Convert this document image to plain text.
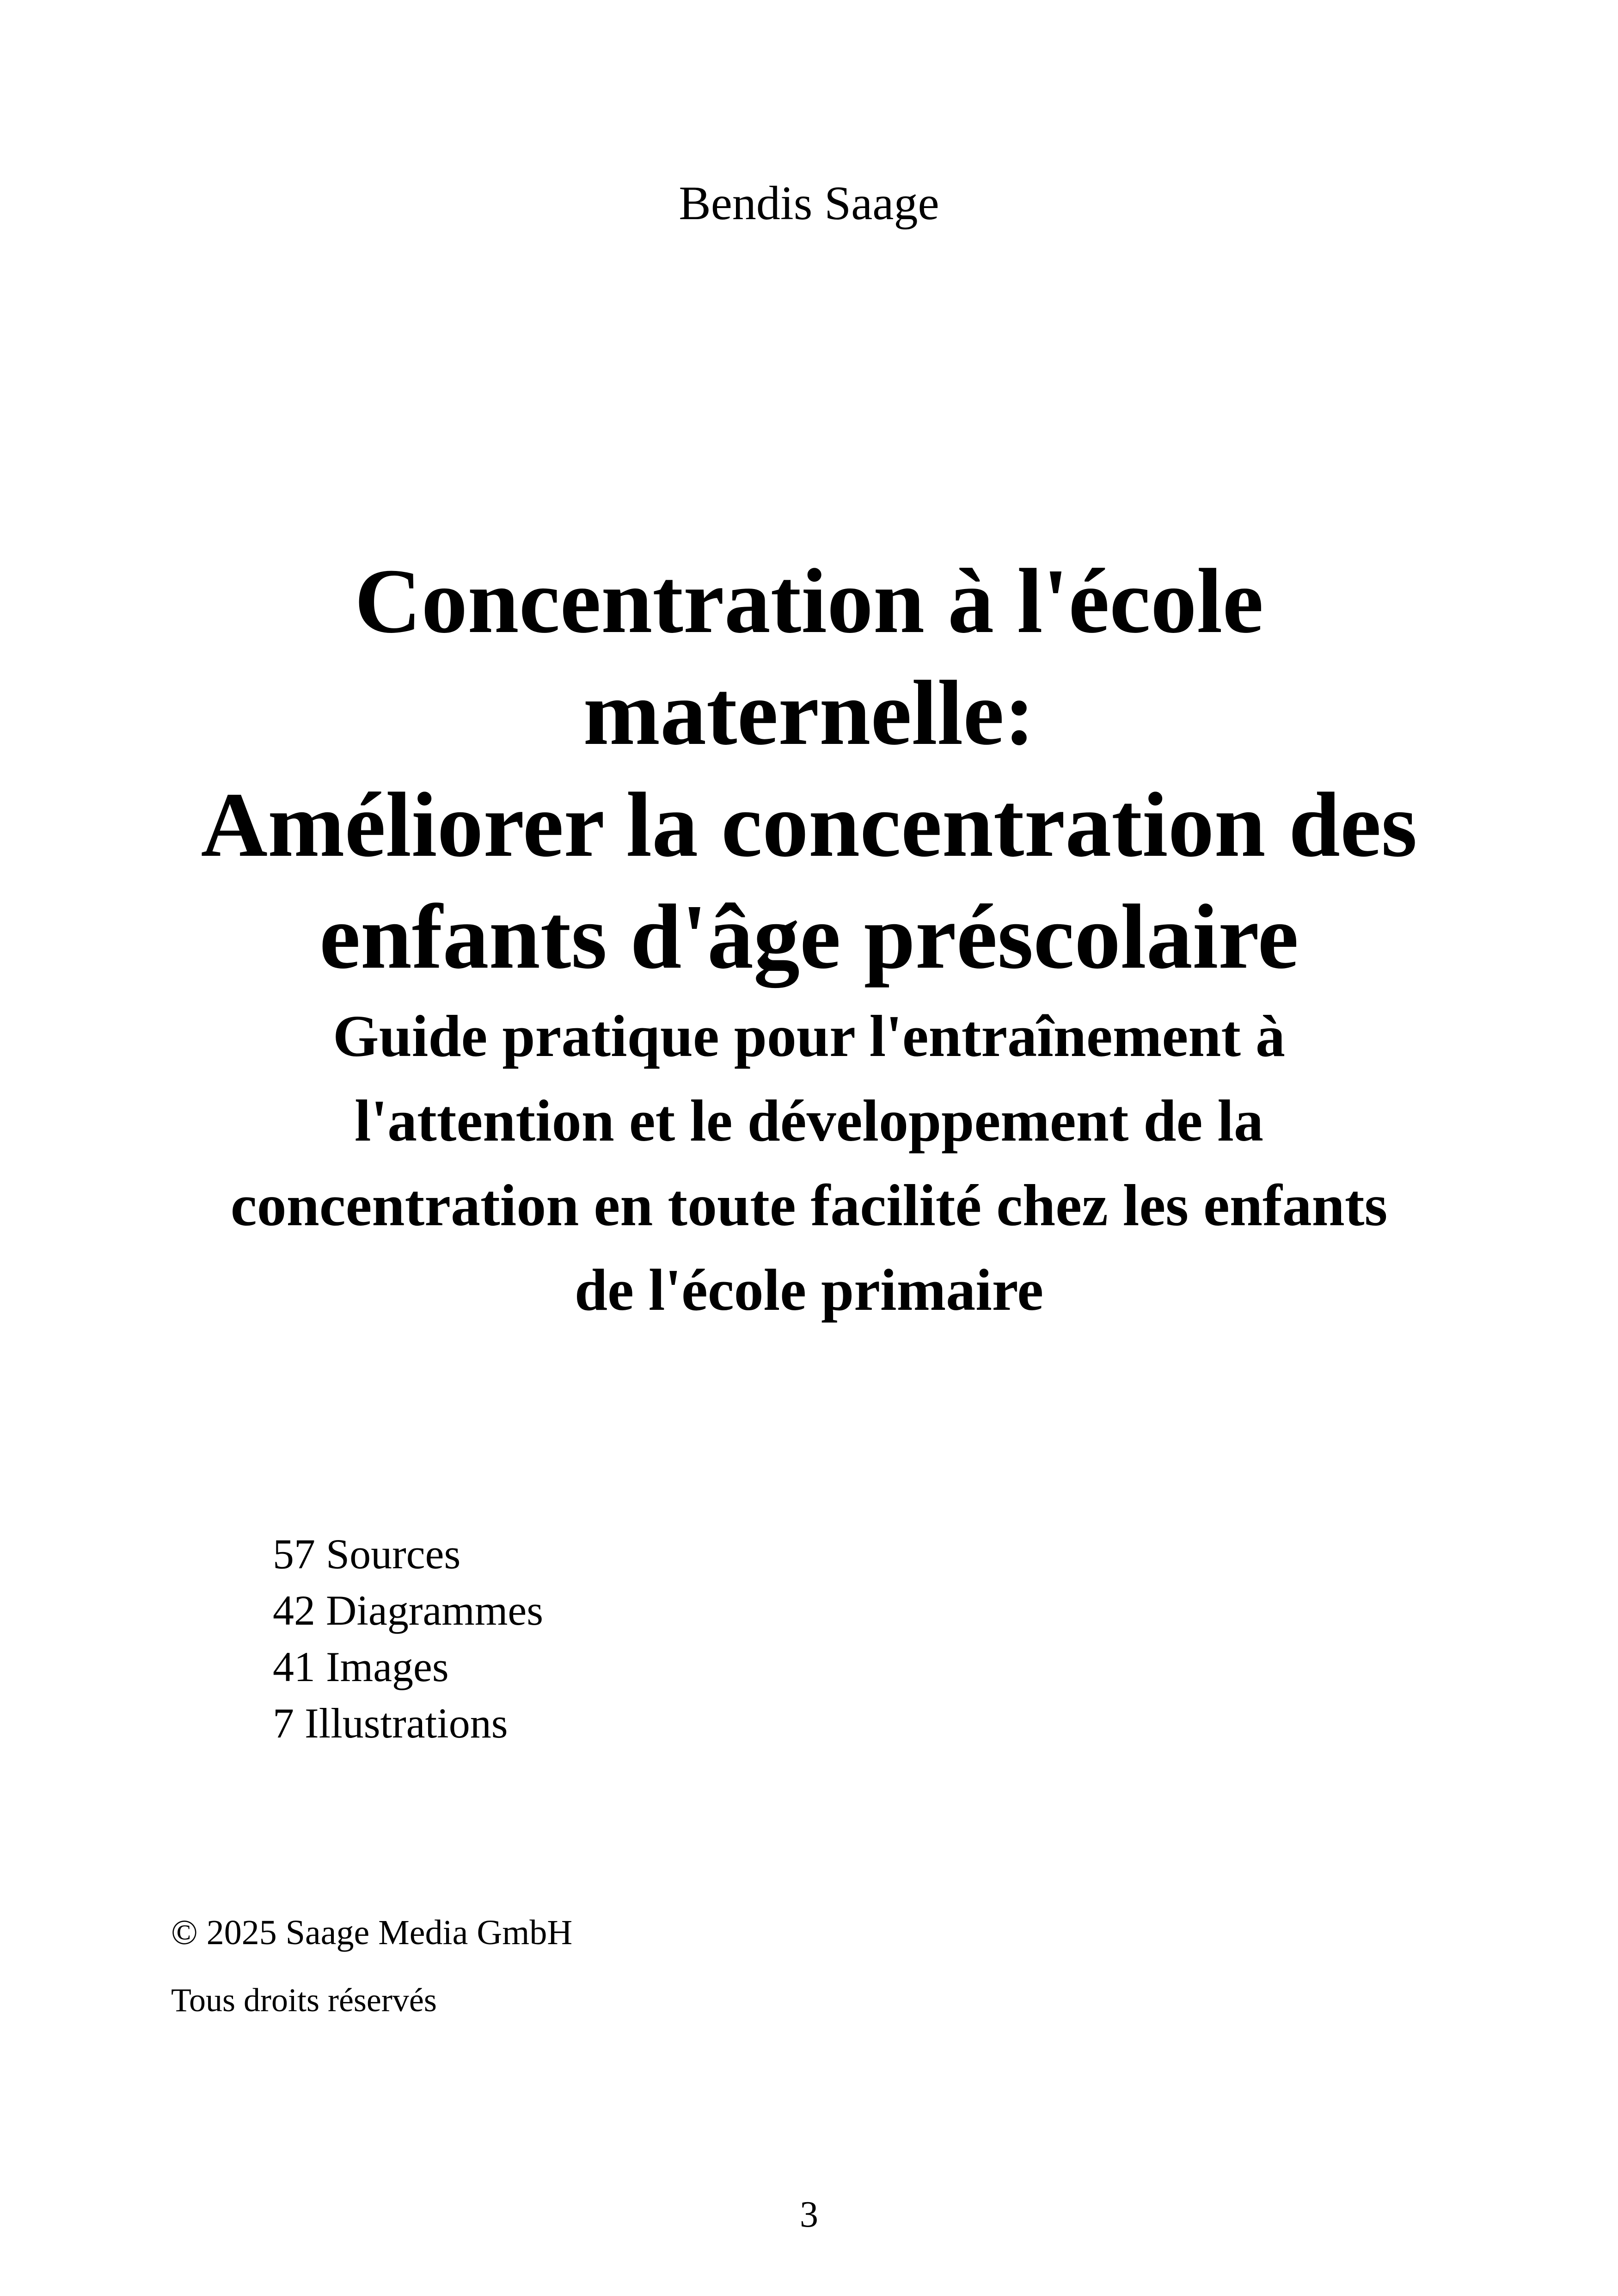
Bendis Saage
Concentration à l'école
maternelle:
Améliorer la concentration des
enfants d'âge préscolaire
Guide pratique pour l'entraînement à
l'attention et le développement de la
concentration en toute facilité chez les enfants
de l'école primaire
57 Sources
42 Diagrammes
41 Images
7 Illustrations
© 2025 Saage Media GmbH
Tous droits réservés
3
